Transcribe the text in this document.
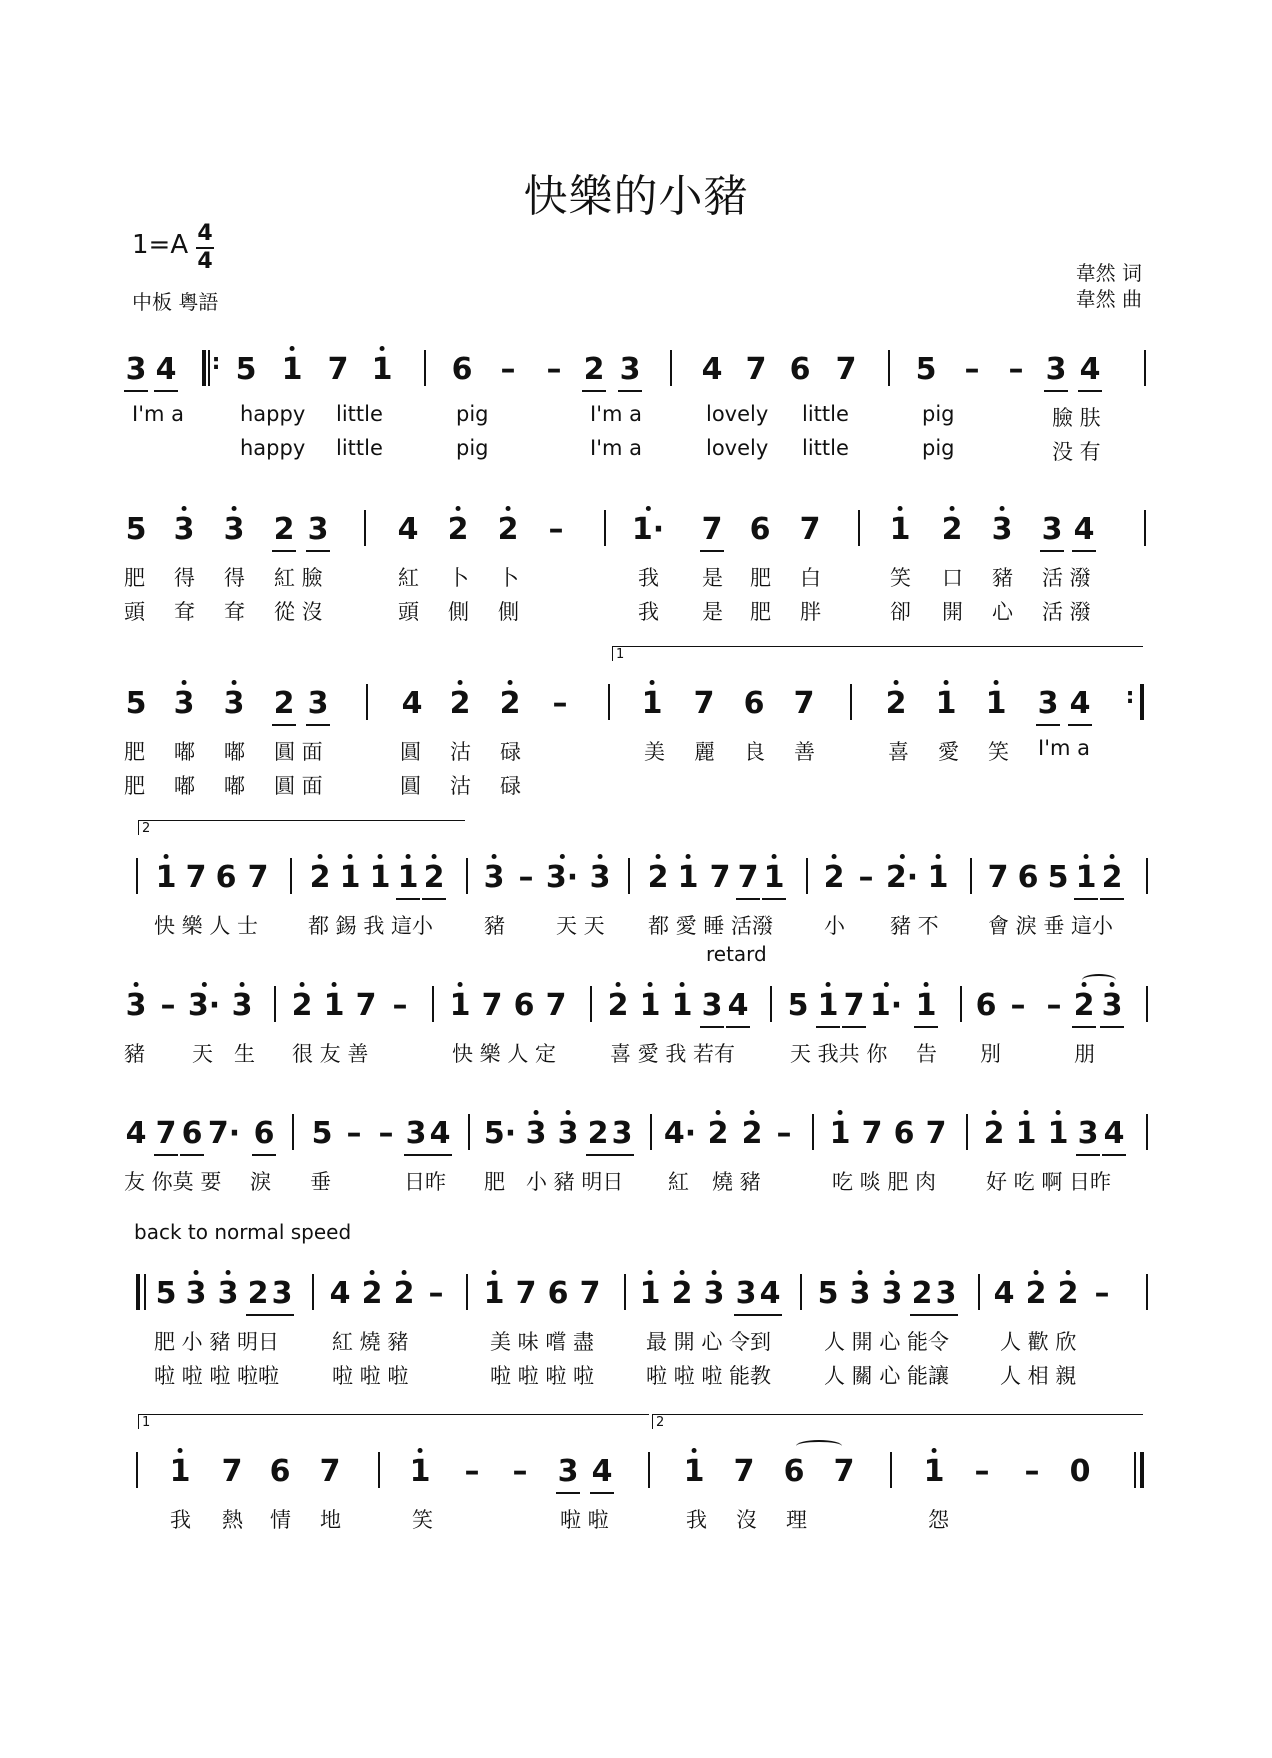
快樂的小豬
1=A 4
4
中板 粵語
韋然 词
韋然 曲
retard
back to normal speed
3 4 5 1 7 1 6 – – 2 3 4 7 6 7 5 – – 3 4
:
I'm a	happy little	pig	I'm a	lovely little	pig	臉 肤
happy little	pig	I'm a	lovely little	pig	没 有
5 3 3 2 3 4 2 2 – 1· 7 6 7 1 2 3 3 4
肥 得 得 紅 臉	紅 卜 卜	我 是 肥 白	笑 口 豬 活 潑
頭 耷 耷 從 沒	頭 側 側	我 是 肥 胖	卻 開 心 活 潑
5 3 3 2 3 4 2 2 – 1 7 6 7 2 1 1 3 4 :
1
肥 嘟 嘟 圓 面	圓 沽 碌	美 麗 良 善	喜 愛 笑 I'm a
肥 嘟 嘟 圓 面	圓 沽 碌
1 7 6 7 2 1 1 1 2 3 – 3· 3 2 1 7 7 1 2 – 2· 1 7 6 5 1 2
2
快 樂 人 士 都 錫 我 這小 豬 天 天 都 愛 睡 活潑 小 豬 不 會 淚 垂 這小
3 – 3· 3 2 1 7 – 1 7 6 7 2 1 1 3 4 5 1 7 1· 1 6 – – 2 3
豬 天 生 很 友 善	快 樂 人 定	喜 愛 我 若有	天 我共 你 告 別	朋
4 7 6 7· 6 5 – – 3 4 5· 3 3 2 3 4· 2 2 – 1 7 6 7 2 1 1 3 4
友 你莫 要 淚 垂	日昨 肥 小 豬 明日 紅 燒 豬	吃 啖 肥 肉 好 吃 啊 日昨
5 3 3 2 3 4 2 2 – 1 7 6 7 1 2 3 3 4 5 3 3 2 3 4 2 2 –
肥 小 豬 明日	紅 燒 豬	美 味 嚐 盡 最 開 心 令到	人 開 心 能令 人 歡 欣
啦 啦 啦 啦啦	啦 啦 啦	啦 啦 啦 啦 啦 啦 啦 能教	人 關 心 能讓 人 相 親
1 7 6 7 1 – – 3 4 1 7 6 7 1 – – 0
1	2
我 熱 情 地	笑	啦 啦	我 沒 理	怨
